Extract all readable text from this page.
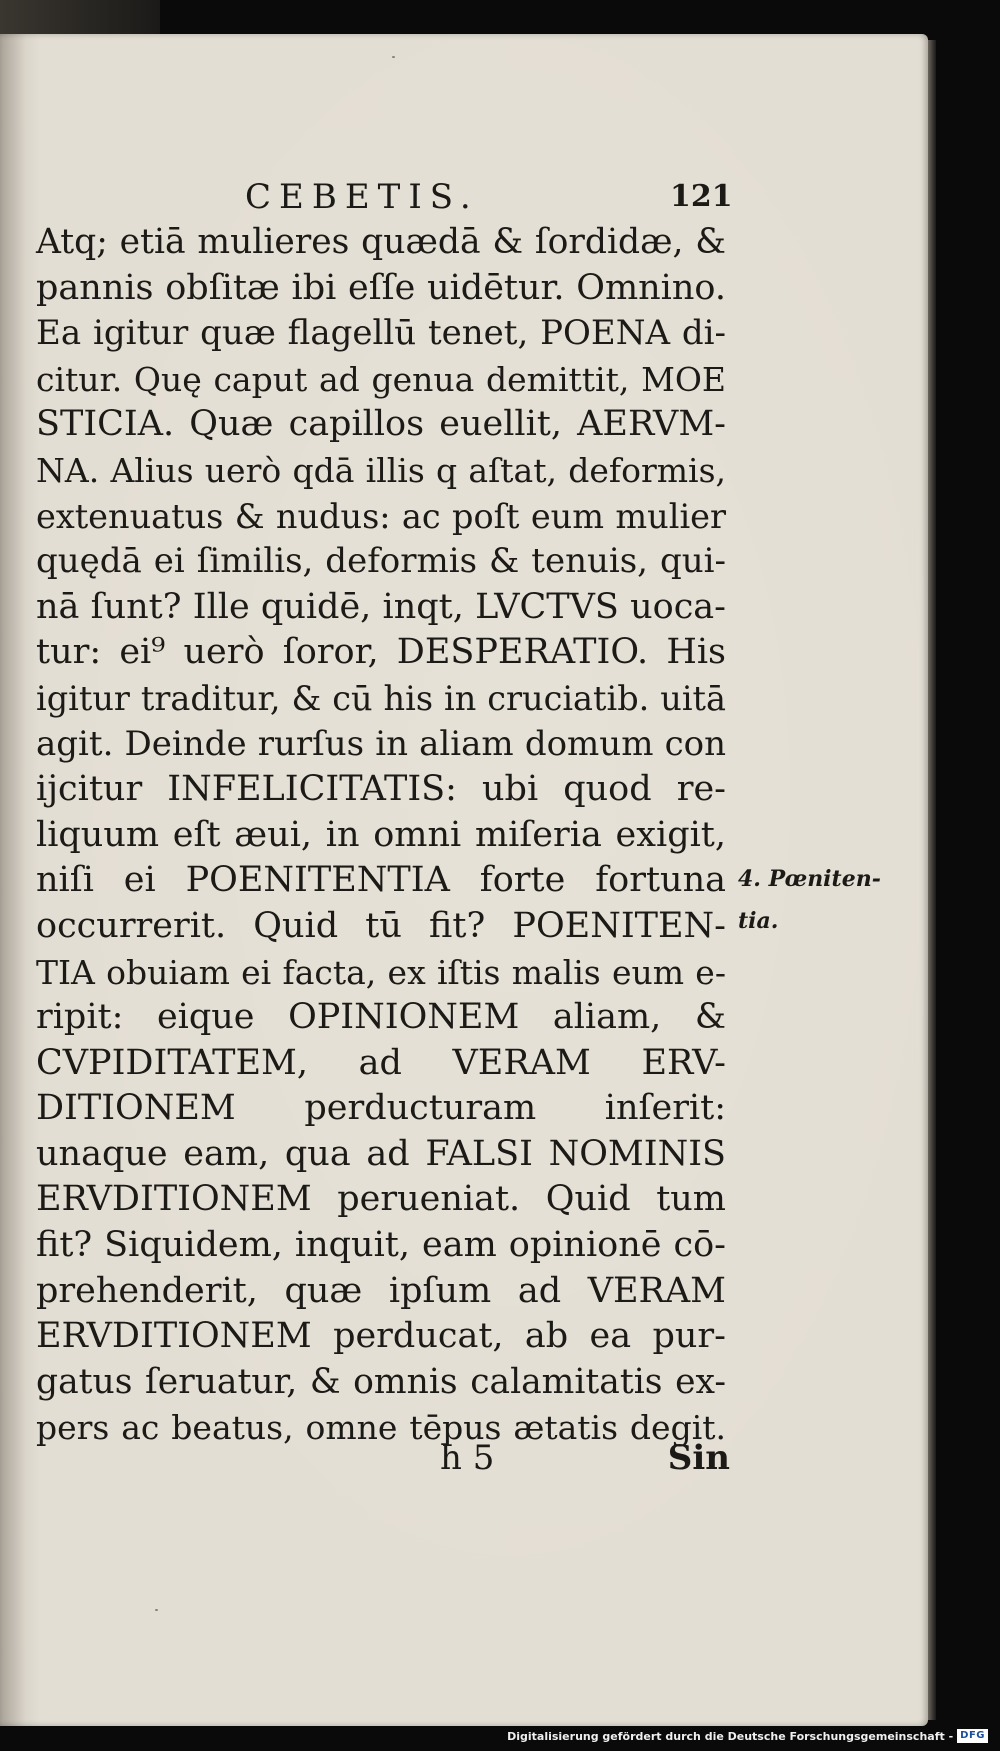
CEBETIS.	121
Atq; etiā mulieres quædā & ſordidæ, &
pannis obſitæ ibi eſſe uidētur. Omnino.
Ea igitur quæ flagellū tenet, POENA di-
citur. Quę caput ad genua demittit, MOE
STICIA. Quæ capillos euellit, AERVM-
NA. Alius uerò qdā illis q aſtat, deformis,
extenuatus & nudus: ac poſt eum mulier
quędā ei ſimilis, deformis & tenuis, qui-
nā ſunt? Ille quidē, inqt, LVCTVS uoca-
tur: ei⁹ uerò ſoror, DESPERATIO. His
igitur traditur, & cū his in cruciatib. uitā
agit. Deinde rurſus in aliam domum con
ijcitur INFELICITATIS: ubi quod re-
liquum eſt æui, in omni miſeria exigit,
niſi ei POENITENTIA forte fortuna
occurrerit. Quid tū fit? POENITEN-
TIA obuiam ei facta, ex iſtis malis eum e-
ripit: eique OPINIONEM aliam, &
CVPIDITATEM, ad VERAM ERV-
DITIONEM perducturam inſerit:
unaque eam, qua ad FALSI NOMINIS
ERVDITIONEM perueniat. Quid tum
fit? Siquidem, inquit, eam opinionē cō-
prehenderit, quæ ipſum ad VERAM
ERVDITIONEM perducat, ab ea pur-
gatus ſeruatur, & omnis calamitatis ex-
pers ac beatus, omne tēpus ætatis degit.
h 5	Sin
4. Pœniten-
tia.
Digitalisierung gefördert durch die Deutsche Forschungsgemeinschaft - DFG
